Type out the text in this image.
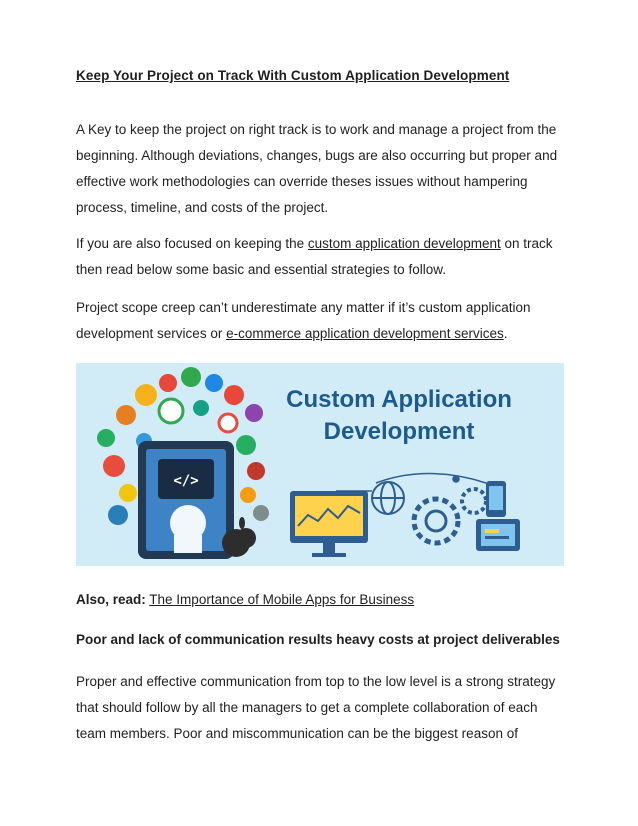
Keep Your Project on Track With Custom Application Development

A Key to keep the project on right track is to work and manage a project from the beginning. Although deviations, changes, bugs are also occurring but proper and effective work methodologies can override theses issues without hampering process, timeline, and costs of the project.

If you are also focused on keeping the custom application development on track then read below some basic and essential strategies to follow.

Project scope creep can’t underestimate any matter if it’s custom application development services or e-commerce application development services.

</>
Custom Application
Development

Also, read: The Importance of Mobile Apps for Business

Poor and lack of communication results heavy costs at project deliverables

Proper and effective communication from top to the low level is a strong strategy that should follow by all the managers to get a complete collaboration of each team members. Poor and miscommunication can be the biggest reason of
